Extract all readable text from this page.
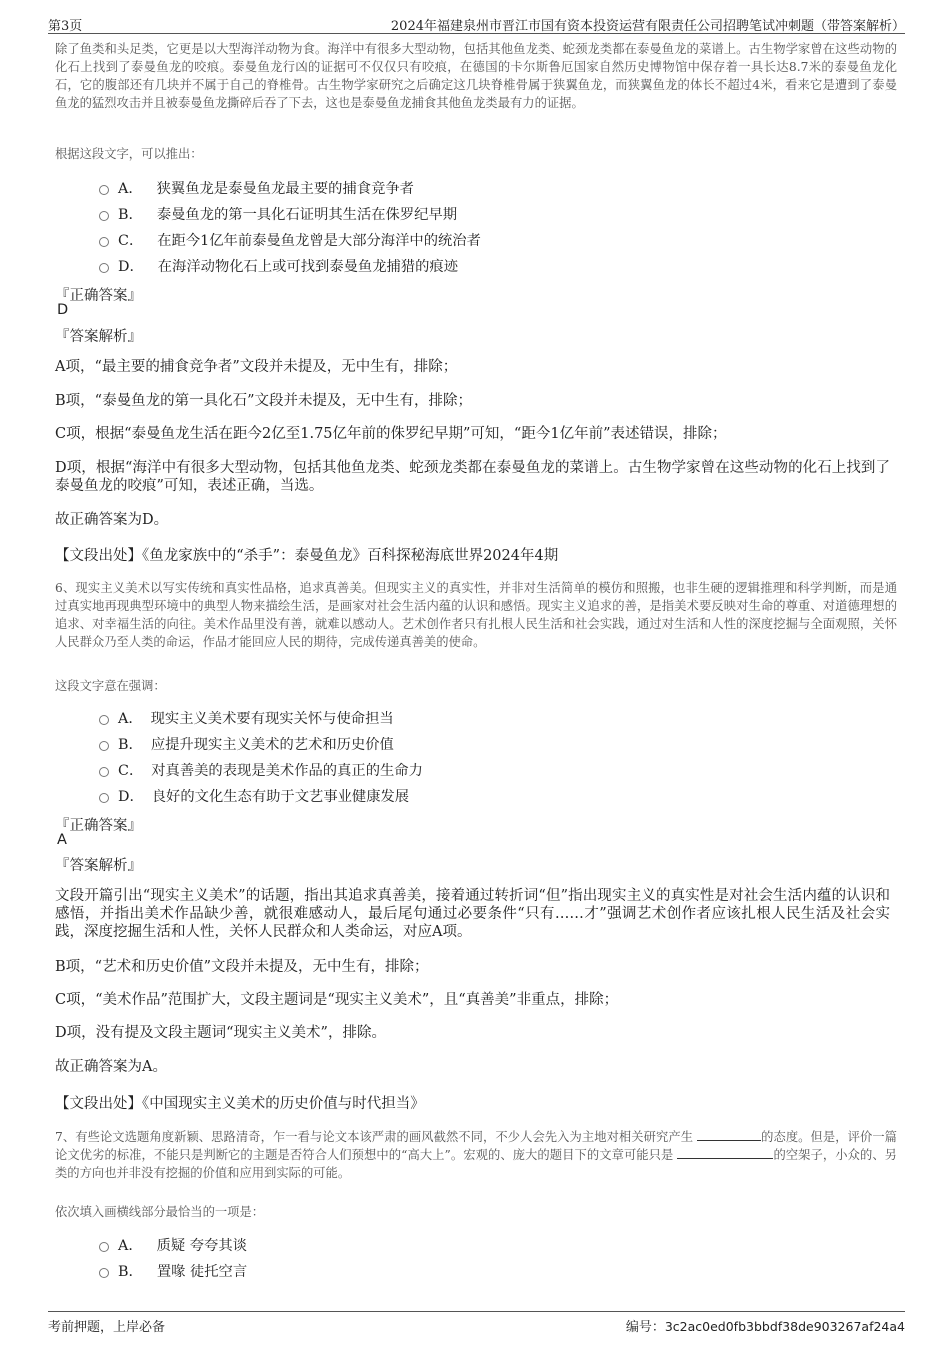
第3页	2024年福建泉州市晋江市国有资本投资运营有限责任公司招聘笔试冲刺题（带答案解析）

除了鱼类和头足类，它更是以大型海洋动物为食。海洋中有很多大型动物，包括其他鱼龙类、蛇颈龙类都在泰曼鱼龙的菜谱上。古生物学家曾在这些动物的化石上找到了泰曼鱼龙的咬痕。泰曼鱼龙行凶的证据可不仅仅只有咬痕，在德国的卡尔斯鲁厄国家自然历史博物馆中保存着一具长达8.7米的泰曼鱼龙化石，它的腹部还有几块并不属于自己的脊椎骨。古生物学家研究之后确定这几块脊椎骨属于狭翼鱼龙，而狭翼鱼龙的体长不超过4米，看来它是遭到了泰曼鱼龙的猛烈攻击并且被泰曼鱼龙撕碎后吞了下去，这也是泰曼鱼龙捕食其他鱼龙类最有力的证据。

根据这段文字，可以推出：
A． 狭翼鱼龙是泰曼鱼龙最主要的捕食竞争者
B． 泰曼鱼龙的第一具化石证明其生活在侏罗纪早期
C． 在距今1亿年前泰曼鱼龙曾是大部分海洋中的统治者
D． 在海洋动物化石上或可找到泰曼鱼龙捕猎的痕迹
『正确答案』
D
『答案解析』

A项，“最主要的捕食竞争者”文段并未提及，无中生有，排除；

B项，“泰曼鱼龙的第一具化石”文段并未提及，无中生有，排除；

C项，根据“泰曼鱼龙生活在距今2亿至1.75亿年前的侏罗纪早期”可知，“距今1亿年前”表述错误，排除；

D项，根据“海洋中有很多大型动物，包括其他鱼龙类、蛇颈龙类都在泰曼鱼龙的菜谱上。古生物学家曾在这些动物的化石上找到了泰曼鱼龙的咬痕”可知，表述正确，当选。

故正确答案为D。

【文段出处】《鱼龙家族中的“杀手”：泰曼鱼龙》百科探秘海底世界2024年4期

6、现实主义美术以写实传统和真实性品格，追求真善美。但现实主义的真实性，并非对生活简单的模仿和照搬，也非生硬的逻辑推理和科学判断，而是通过真实地再现典型环境中的典型人物来描绘生活，是画家对社会生活内蕴的认识和感悟。现实主义追求的善，是指美术要反映对生命的尊重、对道德理想的追求、对幸福生活的向往。美术作品里没有善，就难以感动人。艺术创作者只有扎根人民生活和社会实践，通过对生活和人性的深度挖掘与全面观照，关怀人民群众乃至人类的命运，作品才能回应人民的期待，完成传递真善美的使命。

这段文字意在强调：
A． 现实主义美术要有现实关怀与使命担当
B． 应提升现实主义美术的艺术和历史价值
C． 对真善美的表现是美术作品的真正的生命力
D． 良好的文化生态有助于文艺事业健康发展
『正确答案』
A
『答案解析』

文段开篇引出“现实主义美术”的话题，指出其追求真善美，接着通过转折词“但”指出现实主义的真实性是对社会生活内蕴的认识和感悟，并指出美术作品缺少善，就很难感动人，最后尾句通过必要条件“只有……才”强调艺术创作者应该扎根人民生活及社会实践，深度挖掘生活和人性，关怀人民群众和人类命运，对应A项。

B项，“艺术和历史价值”文段并未提及，无中生有，排除；

C项，“美术作品”范围扩大，文段主题词是“现实主义美术”，且“真善美”非重点，排除；

D项，没有提及文段主题词“现实主义美术”，排除。

故正确答案为A。

【文段出处】《中国现实主义美术的历史价值与时代担当》

7、有些论文选题角度新颖、思路清奇，乍一看与论文本该严肃的画风截然不同，不少人会先入为主地对相关研究产生	的态度。但是，评价一篇论文优劣的标准，不能只是判断它的主题是否符合人们预想中的“高大上”。宏观的、庞大的题目下的文章可能只是	的空架子，小众的、另类的方向也并非没有挖掘的价值和应用到实际的可能。

依次填入画横线部分最恰当的一项是：
A． 质疑 夸夸其谈
B． 置喙 徒托空言
考前押题，上岸必备	编号：3c2ac0ed0fb3bbdf38de903267af24a4
